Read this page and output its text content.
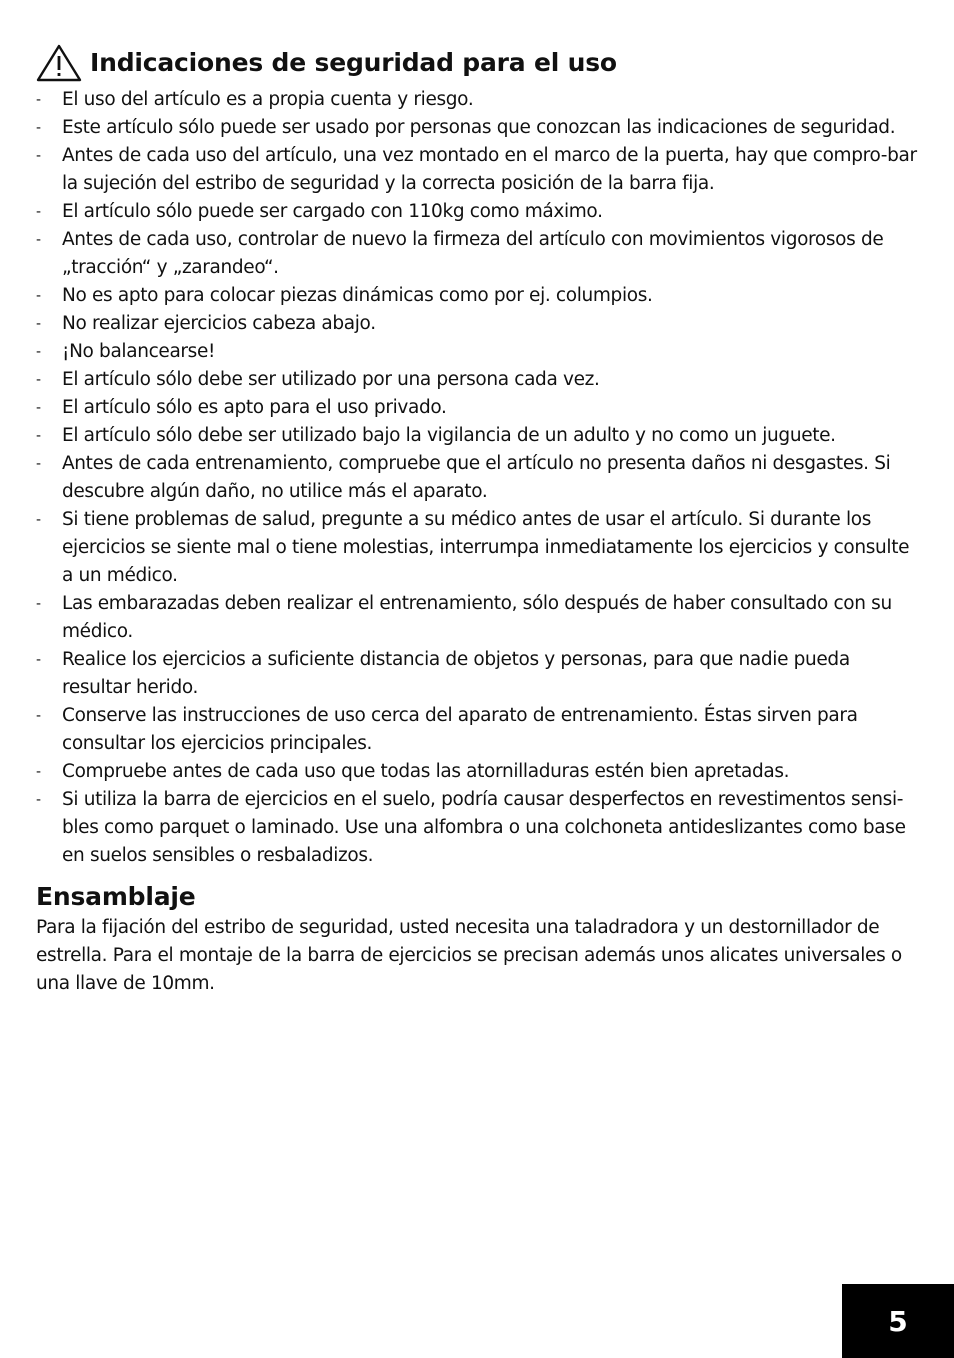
Indicaciones de seguridad para el uso
- El uso del artículo es a propia cuenta y riesgo.
- Este artículo sólo puede ser usado por personas que conozcan las indicaciones de seguridad.
- Antes de cada uso del artículo, una vez montado en el marco de la puerta, hay que compro-bar la sujeción del estribo de seguridad y la correcta posición de la barra fija.
- El artículo sólo puede ser cargado con 110kg como máximo.
- Antes de cada uso, controlar de nuevo la firmeza del artículo con movimientos vigorosos de „tracción“ y „zarandeo“.
- No es apto para colocar piezas dinámicas como por ej. columpios.
- No realizar ejercicios cabeza abajo.
- ¡No balancearse!
- El artículo sólo debe ser utilizado por una persona cada vez.
- El artículo sólo es apto para el uso privado.
- El artículo sólo debe ser utilizado bajo la vigilancia de un adulto y no como un juguete.
- Antes de cada entrenamiento, compruebe que el artículo no presenta daños ni desgastes. Si descubre algún daño, no utilice más el aparato.
- Si tiene problemas de salud, pregunte a su médico antes de usar el artículo. Si durante los ejercicios se siente mal o tiene molestias, interrumpa inmediatamente los ejercicios y consulte a un médico.
- Las embarazadas deben realizar el entrenamiento, sólo después de haber consultado con su médico.
- Realice los ejercicios a suficiente distancia de objetos y personas, para que nadie pueda resultar herido.
- Conserve las instrucciones de uso cerca del aparato de entrenamiento. Éstas sirven para consultar los ejercicios principales.
- Compruebe antes de cada uso que todas las atornilladuras estén bien apretadas.
- Si utiliza la barra de ejercicios en el suelo, podría causar desperfectos en revestimentos sensi-bles como parquet o laminado. Use una alfombra o una colchoneta antideslizantes como base en suelos sensibles o resbaladizos.
Ensamblaje

Para la fijación del estribo de seguridad, usted necesita una taladradora y un destornillador de estrella. Para el montaje de la barra de ejercicios se precisan además unos alicates universales o una llave de 10mm.

5
